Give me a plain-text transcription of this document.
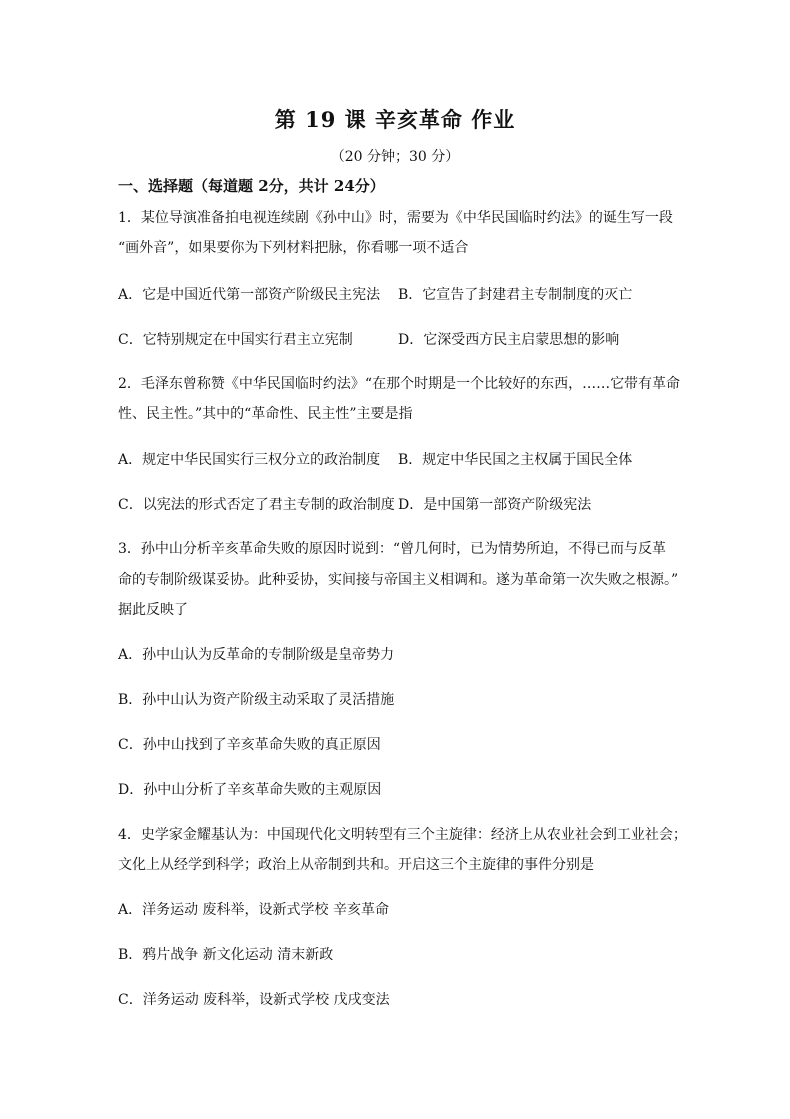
第 19 课 辛亥革命 作业
（20 分钟；30 分）
一、选择题（每道题 2分，共计 24分）
1．某位导演准备拍电视连续剧《孙中山》时，需要为《中华民国临时约法》的诞生写一段
“画外音”，如果要你为下列材料把脉，你看哪一项不适合
A．它是中国近代第一部资产阶级民主宪法 B．它宣告了封建君主专制制度的灭亡
C．它特别规定在中国实行君主立宪制	D．它深受西方民主启蒙思想的影响
2．毛泽东曾称赞《中华民国临时约法》“在那个时期是一个比较好的东西，……它带有革命
性、民主性。”其中的“革命性、民主性”主要是指
A．规定中华民国实行三权分立的政治制度 B．规定中华民国之主权属于国民全体
C．以宪法的形式否定了君主专制的政治制度 D．是中国第一部资产阶级宪法
3．孙中山分析辛亥革命失败的原因时说到：“曾几何时，已为情势所迫，不得已而与反革
命的专制阶级谋妥协。此种妥协，实间接与帝国主义相调和。遂为革命第一次失败之根源。”
据此反映了
A．孙中山认为反革命的专制阶级是皇帝势力
B．孙中山认为资产阶级主动采取了灵活措施
C．孙中山找到了辛亥革命失败的真正原因
D．孙中山分析了辛亥革命失败的主观原因
4．史学家金耀基认为：中国现代化文明转型有三个主旋律：经济上从农业社会到工业社会；
文化上从经学到科学；政治上从帝制到共和。开启这三个主旋律的事件分别是
A．洋务运动 废科举，设新式学校 辛亥革命
B．鸦片战争 新文化运动 清末新政
C．洋务运动 废科举，设新式学校 戊戌变法
